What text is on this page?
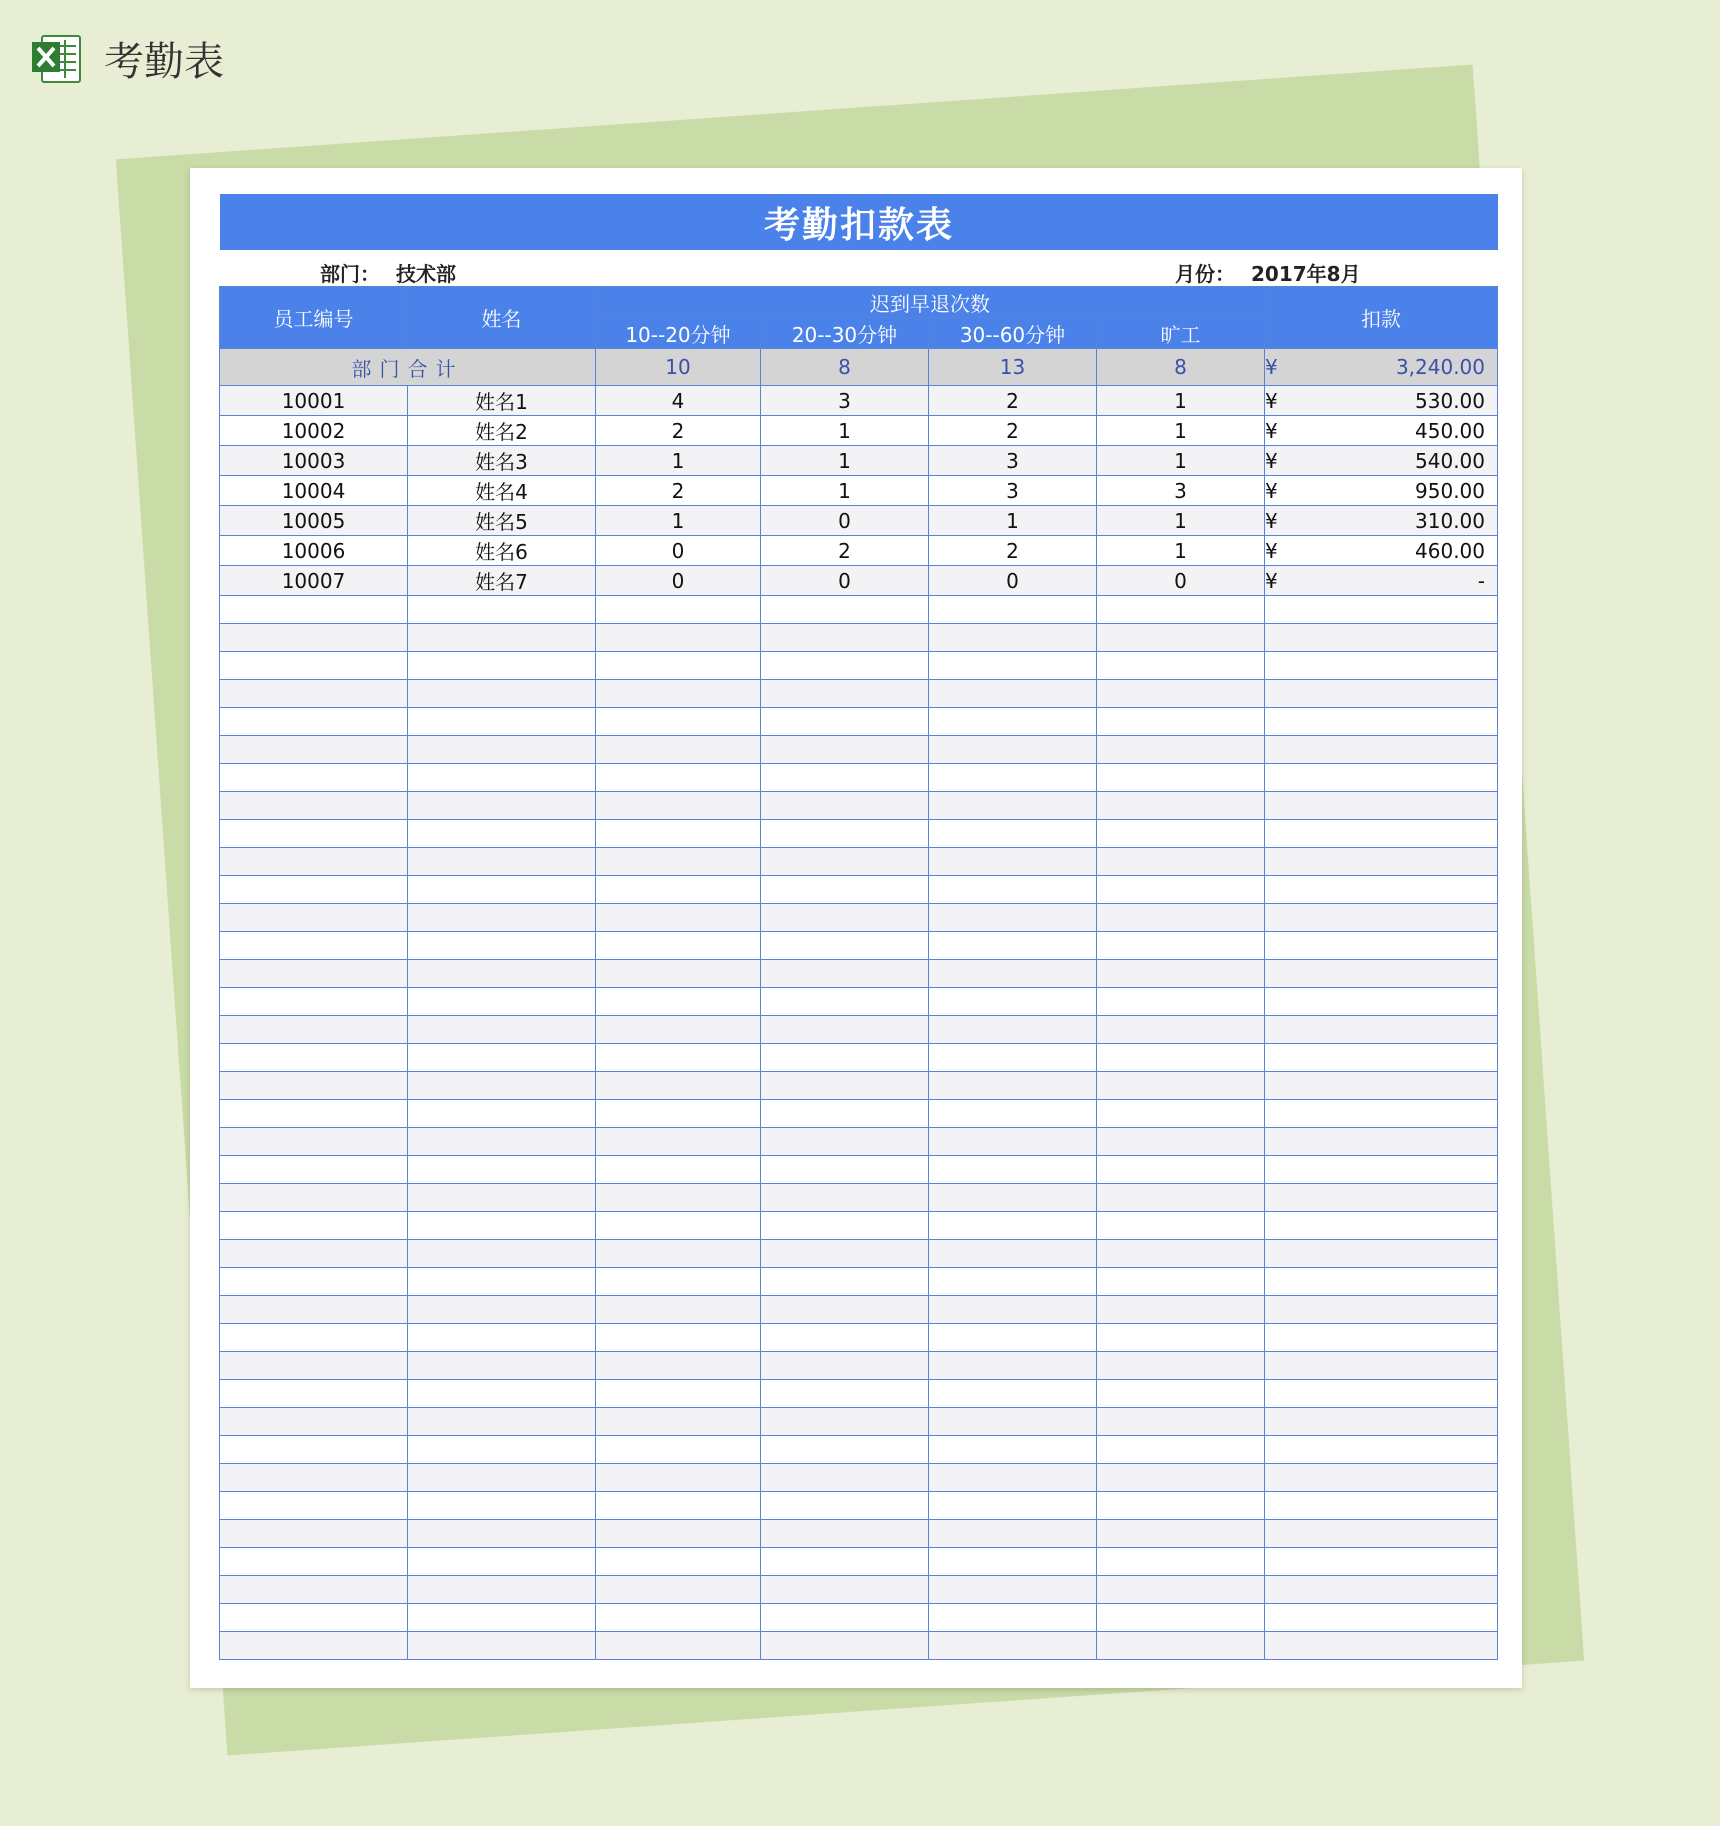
考勤表
考勤扣款表
部门： 技术部	月份： 2017年8月
员工编号	姓名	迟到早退次数				扣款
		10--20分钟	20--30分钟	30--60分钟	旷工	
部门合计		10	8	13	8	¥ 3,240.00

10001	姓名1	4	3	2	1	¥ 530.00

10002	姓名2	2	1	2	1	¥ 450.00

10003	姓名3	1	1	3	1	¥ 540.00

10004	姓名4	2	1	3	3	¥ 950.00

10005	姓名5	1	0	1	1	¥ 310.00

10006	姓名6	0	2	2	1	¥ 460.00

10007	姓名7	0	0	0	0	¥ -
